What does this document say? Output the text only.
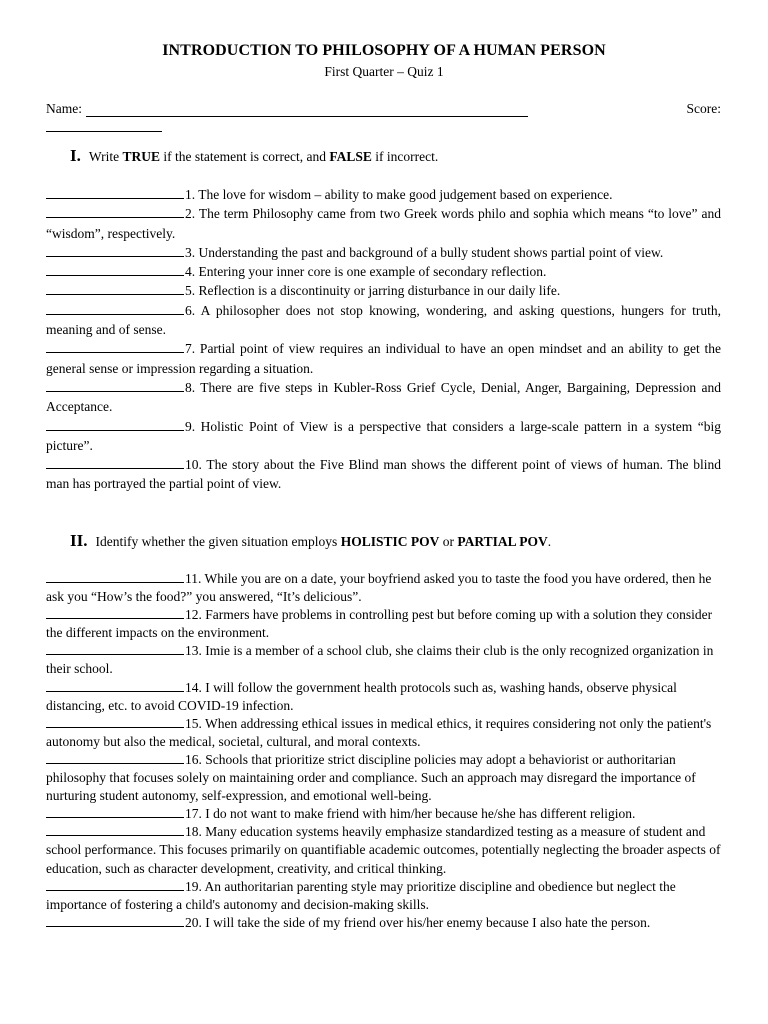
INTRODUCTION TO PHILOSOPHY OF A HUMAN PERSON
First Quarter – Quiz 1
Name:	Score:
I. Write TRUE if the statement is correct, and FALSE if incorrect.
1. The love for wisdom – ability to make good judgement based on experience.
2. The term Philosophy came from two Greek words philo and sophia which means “to love” and “wisdom”, respectively.
3. Understanding the past and background of a bully student shows partial point of view.
4. Entering your inner core is one example of secondary reflection.
5. Reflection is a discontinuity or jarring disturbance in our daily life.
6. A philosopher does not stop knowing, wondering, and asking questions, hungers for truth, meaning and of sense.
7. Partial point of view requires an individual to have an open mindset and an ability to get the general sense or impression regarding a situation.
8. There are five steps in Kubler-Ross Grief Cycle, Denial, Anger, Bargaining, Depression and Acceptance.
9. Holistic Point of View is a perspective that considers a large-scale pattern in a system “big picture”.
10. The story about the Five Blind man shows the different point of views of human. The blind man has portrayed the partial point of view.
II. Identify whether the given situation employs HOLISTIC POV or PARTIAL POV.
11. While you are on a date, your boyfriend asked you to taste the food you have ordered, then he ask you “How’s the food?” you answered, “It’s delicious”.
12. Farmers have problems in controlling pest but before coming up with a solution they consider the different impacts on the environment.
13. Imie is a member of a school club, she claims their club is the only recognized organization in their school.
14. I will follow the government health protocols such as, washing hands, observe physical distancing, etc. to avoid COVID-19 infection.
15. When addressing ethical issues in medical ethics, it requires considering not only the patient's autonomy but also the medical, societal, cultural, and moral contexts.
16. Schools that prioritize strict discipline policies may adopt a behaviorist or authoritarian philosophy that focuses solely on maintaining order and compliance. Such an approach may disregard the importance of nurturing student autonomy, self-expression, and emotional well-being.
17. I do not want to make friend with him/her because he/she has different religion.
18. Many education systems heavily emphasize standardized testing as a measure of student and school performance. This focuses primarily on quantifiable academic outcomes, potentially neglecting the broader aspects of education, such as character development, creativity, and critical thinking.
19. An authoritarian parenting style may prioritize discipline and obedience but neglect the importance of fostering a child's autonomy and decision-making skills.
20. I will take the side of my friend over his/her enemy because I also hate the person.
